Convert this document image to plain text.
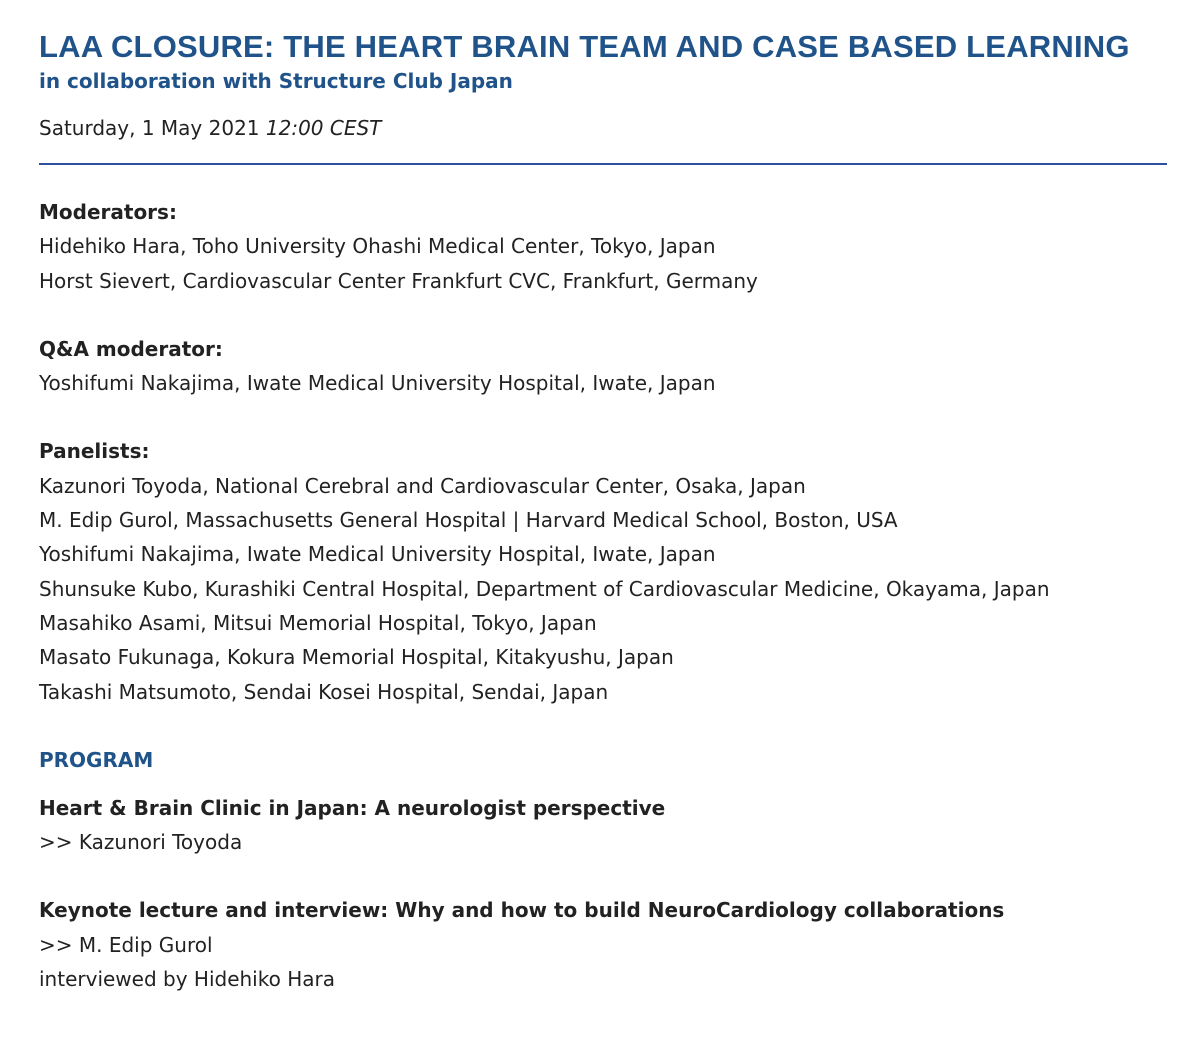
LAA CLOSURE: THE HEART BRAIN TEAM AND CASE BASED LEARNING

in collaboration with Structure Club Japan

Saturday, 1 May 2021 12:00 CEST

Moderators:
Hidehiko Hara, Toho University Ohashi Medical Center, Tokyo, Japan
Horst Sievert, Cardiovascular Center Frankfurt CVC, Frankfurt, Germany
Q&A moderator:
Yoshifumi Nakajima, Iwate Medical University Hospital, Iwate, Japan
Panelists:
Kazunori Toyoda, National Cerebral and Cardiovascular Center, Osaka, Japan
M. Edip Gurol, Massachusetts General Hospital | Harvard Medical School, Boston, USA
Yoshifumi Nakajima, Iwate Medical University Hospital, Iwate, Japan
Shunsuke Kubo, Kurashiki Central Hospital, Department of Cardiovascular Medicine, Okayama, Japan
Masahiko Asami, Mitsui Memorial Hospital, Tokyo, Japan
Masato Fukunaga, Kokura Memorial Hospital, Kitakyushu, Japan
Takashi Matsumoto, Sendai Kosei Hospital, Sendai, Japan
PROGRAM
Heart & Brain Clinic in Japan: A neurologist perspective
>> Kazunori Toyoda
Keynote lecture and interview: Why and how to build NeuroCardiology collaborations
>> M. Edip Gurol
interviewed by Hidehiko Hara
